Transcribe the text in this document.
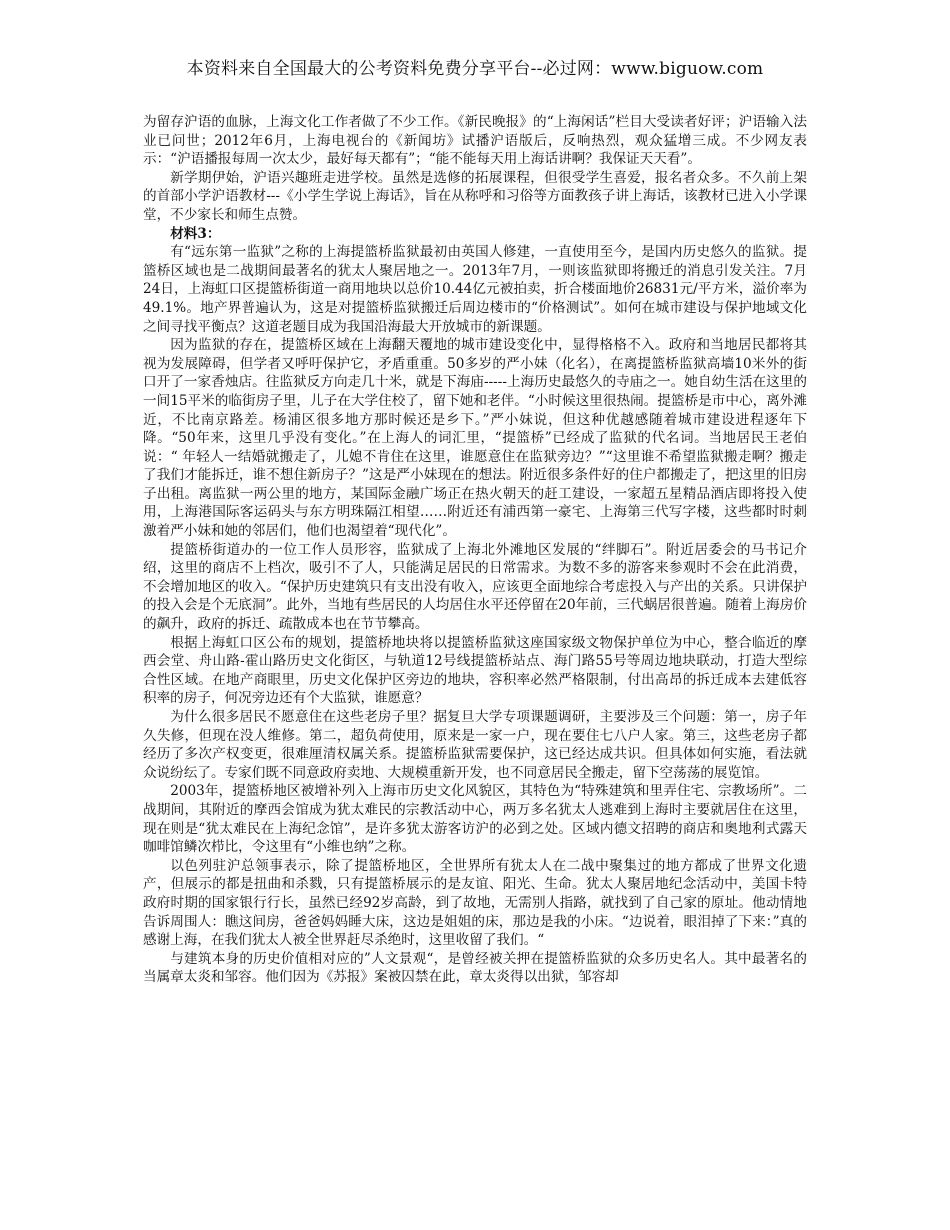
本资料来自全国最大的公考资料免费分享平台--必过网：www.biguow.com

为留存沪语的血脉，上海文化工作者做了不少工作。《新民晚报》的“上海闲话”栏目大受读者好评；沪语输入法业已问世；2012年6月，上海电视台的《新闻坊》试播沪语版后，反响热烈，观众猛增三成。不少网友表示：“沪语播报每周一次太少，最好每天都有”；“能不能每天用上海话讲啊？我保证天天看”。

新学期伊始，沪语兴趣班走进学校。虽然是选修的拓展课程，但很受学生喜爱，报名者众多。不久前上架的首部小学沪语教材---《小学生学说上海话》，旨在从称呼和习俗等方面教孩子讲上海话，该教材已进入小学课堂，不少家长和师生点赞。

材料3：

有“远东第一监狱”之称的上海提篮桥监狱最初由英国人修建，一直使用至今，是国内历史悠久的监狱。提篮桥区域也是二战期间最著名的犹太人聚居地之一。2013年7月，一则该监狱即将搬迁的消息引发关注。7月24日，上海虹口区提篮桥街道一商用地块以总价10.44亿元被拍卖，折合楼面地价26831元/平方米，溢价率为49.1%。地产界普遍认为，这是对提篮桥监狱搬迁后周边楼市的“价格测试”。如何在城市建设与保护地域文化之间寻找平衡点？这道老题目成为我国沿海最大开放城市的新课题。

因为监狱的存在，提篮桥区域在上海翻天覆地的城市建设变化中，显得格格不入。政府和当地居民都将其视为发展障碍，但学者又呼吁保护它，矛盾重重。50多岁的严小妹（化名），在离提篮桥监狱高墙10米外的街口开了一家香烛店。往监狱反方向走几十米，就是下海庙-----上海历史最悠久的寺庙之一。她自幼生活在这里的一间15平米的临街房子里，儿子在大学住校了，留下她和老伴。“小时候这里很热闹。提篮桥是市中心，离外滩近，不比南京路差。杨浦区很多地方那时候还是乡下。”严小妹说，但这种优越感随着城市建设进程逐年下降。“50年来，这里几乎没有变化。”在上海人的词汇里，“提篮桥”已经成了监狱的代名词。当地居民王老伯说：“ 年轻人一结婚就搬走了，儿媳不肯住在这里，谁愿意住在监狱旁边？”“这里谁不希望监狱搬走啊？搬走了我们才能拆迁，谁不想住新房子？”这是严小妹现在的想法。附近很多条件好的住户都搬走了，把这里的旧房子出租。离监狱一两公里的地方，某国际金融广场正在热火朝天的赶工建设，一家超五星精品酒店即将投入使用，上海港国际客运码头与东方明珠隔江相望……附近还有浦西第一豪宅、上海第三代写字楼，这些都时时刺激着严小妹和她的邻居们，他们也渴望着“现代化”。

提篮桥街道办的一位工作人员形容，监狱成了上海北外滩地区发展的“绊脚石”。附近居委会的马书记介绍，这里的商店不上档次，吸引不了人，只能满足居民的日常需求。为数不多的游客来参观时不会在此消费，不会增加地区的收入。“保护历史建筑只有支出没有收入，应该更全面地综合考虑投入与产出的关系。只讲保护的投入会是个无底洞”。此外，当地有些居民的人均居住水平还停留在20年前，三代蜗居很普遍。随着上海房价的飙升，政府的拆迁、疏散成本也在节节攀高。

根据上海虹口区公布的规划，提篮桥地块将以提篮桥监狱这座国家级文物保护单位为中心，整合临近的摩西会堂、舟山路-霍山路历史文化街区，与轨道12号线提篮桥站点、海门路55号等周边地块联动，打造大型综合性区域。在地产商眼里，历史文化保护区旁边的地块，容积率必然严格限制，付出高昂的拆迁成本去建低容积率的房子，何况旁边还有个大监狱，谁愿意？

为什么很多居民不愿意住在这些老房子里？据复旦大学专项课题调研，主要涉及三个问题：第一，房子年久失修，但现在没人维修。第二，超负荷使用，原来是一家一户，现在要住七八户人家。第三，这些老房子都经历了多次产权变更，很难厘清权属关系。提篮桥监狱需要保护，这已经达成共识。但具体如何实施，看法就众说纷纭了。专家们既不同意政府卖地、大规模重新开发，也不同意居民全搬走，留下空荡荡的展览馆。

2003年，提篮桥地区被增补列入上海市历史文化风貌区，其特色为“特殊建筑和里弄住宅、宗教场所”。二战期间，其附近的摩西会馆成为犹太难民的宗教活动中心，两万多名犹太人逃难到上海时主要就居住在这里，现在则是“犹太难民在上海纪念馆”，是许多犹太游客访沪的必到之处。区域内德文招聘的商店和奥地利式露天咖啡馆鳞次栉比，令这里有“小维也纳”之称。

以色列驻沪总领事表示，除了提篮桥地区，全世界所有犹太人在二战中聚集过的地方都成了世界文化遗产，但展示的都是扭曲和杀戮，只有提篮桥展示的是友谊、阳光、生命。犹太人聚居地纪念活动中，美国卡特政府时期的国家银行行长，虽然已经92岁高龄，到了故地，无需别人指路，就找到了自己家的原址。他动情地告诉周围人：瞧这间房，爸爸妈妈睡大床，这边是姐姐的床，那边是我的小床。“边说着，眼泪掉了下来：”真的感谢上海，在我们犹太人被全世界赶尽杀绝时，这里收留了我们。“

与建筑本身的历史价值相对应的”人文景观“，是曾经被关押在提篮桥监狱的众多历史名人。其中最著名的当属章太炎和邹容。他们因为《苏报》案被囚禁在此，章太炎得以出狱，邹容却
